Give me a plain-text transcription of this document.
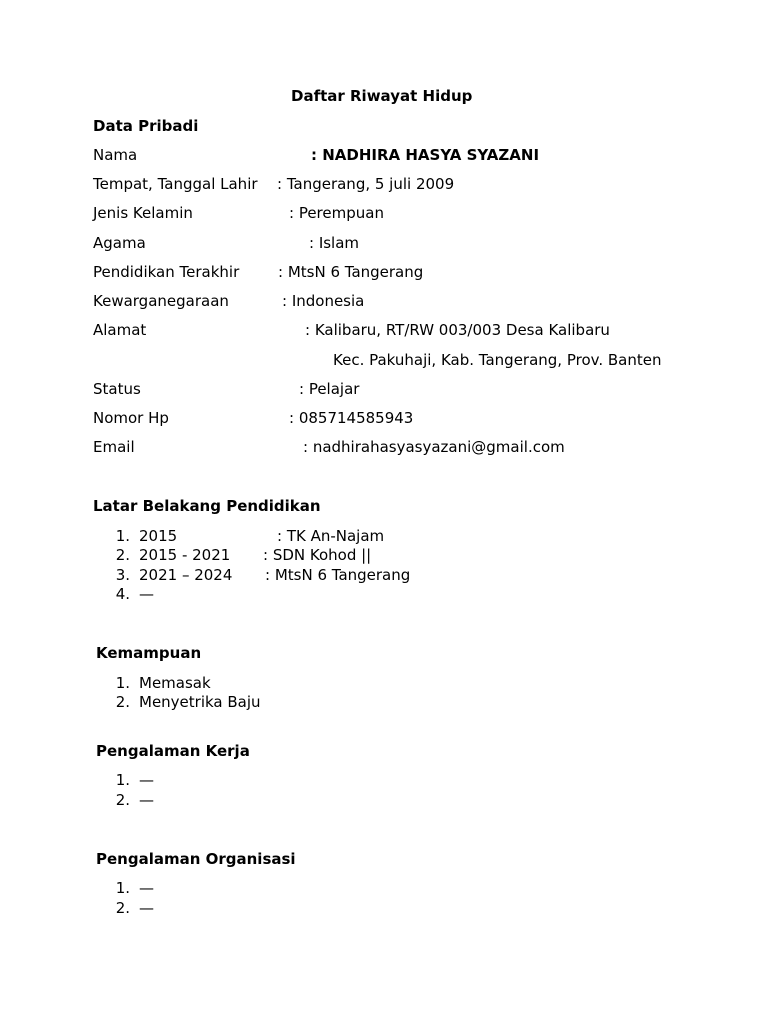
Daftar Riwayat Hidup
Data Pribadi
Nama	: NADHIRA HASYA SYAZANI
Tempat, Tanggal Lahir : Tangerang, 5 juli 2009
Jenis Kelamin	: Perempuan
Agama	: Islam
Pendidikan Terakhir	: MtsN 6 Tangerang
Kewarganegaraan	: Indonesia
Alamat	: Kalibaru, RT/RW 003/003 Desa Kalibaru
Kec. Pakuhaji, Kab. Tangerang, Prov. Banten
Status	: Pelajar
Nomor Hp	: 085714585943
Email	: nadhirahasyasyazani@gmail.com
Latar Belakang Pendidikan
1. 2015	: TK An-Najam
2. 2015 - 2021 : SDN Kohod ||
3. 2021 – 2024 : MtsN 6 Tangerang
4. —
Kemampuan
1. Memasak
2. Menyetrika Baju
Pengalaman Kerja
1. —
2. —
Pengalaman Organisasi
1. —
2. —
